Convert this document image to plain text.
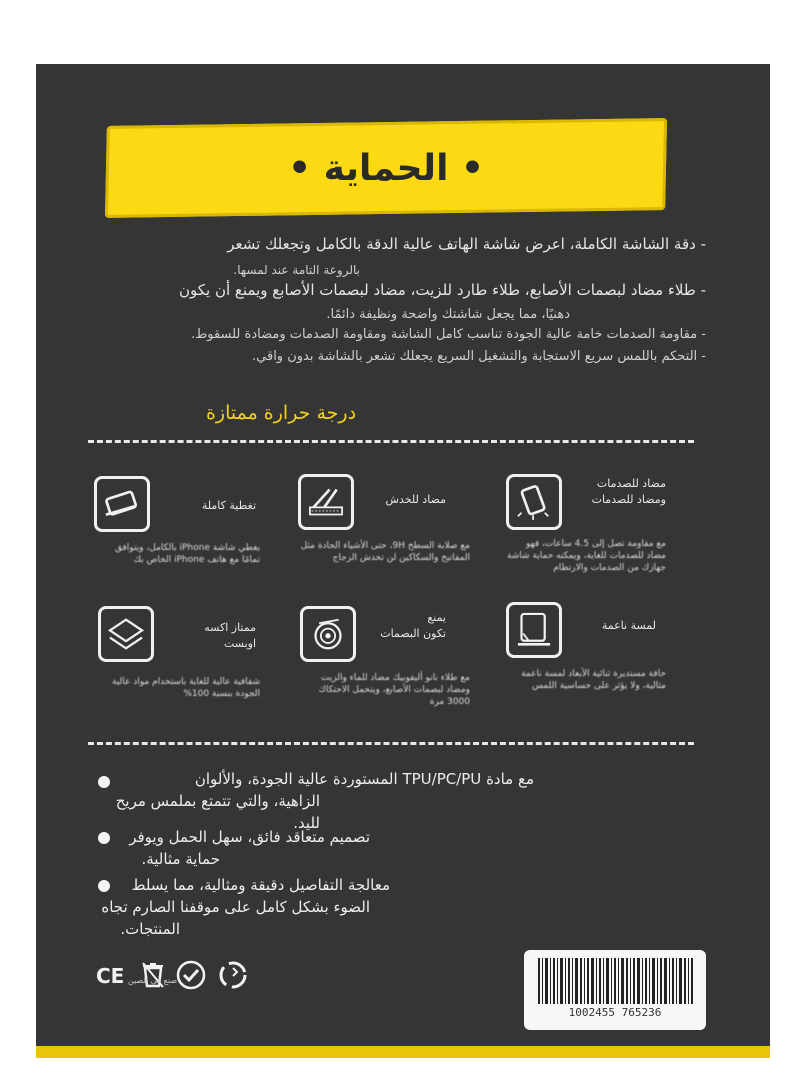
• الحماية •
- دقة الشاشة الكاملة، اعرض شاشة الهاتف عالية الدقة بالكامل وتجعلك تشعر
بالروعة التامة عند لمسها.
- طلاء مضاد لبصمات الأصابع، طلاء طارد للزيت، مضاد لبصمات الأصابع ويمنع أن يكون
دهنيًا، مما يجعل شاشتك واضحة ونظيفة دائمًا.
- مقاومة الصدمات خامة عالية الجودة تناسب كامل الشاشة ومقاومة الصدمات ومضادة للسقوط.
- التحكم باللمس سريع الاستجابة والتشغيل السريع يجعلك تشعر بالشاشة بدون واقي.
درجة حرارة ممتازة
تغطية كاملة
يغطي شاشة iPhone بالكامل، ويتوافق تمامًا مع هاتف iPhone الخاص بك
مضاد للخدش
مع صلابة السطح 9H، حتى الأشياء الحادة مثل المفاتيح والسكاكين لن تخدش الزجاج
مضاد للصدمات
ومضاد للصدمات
مع مقاومة تصل إلى 4.5 ساعات، فهو مضاد للصدمات للغاية، ويمكنه حماية شاشة جهازك من الصدمات والارتطام
ممتاز اكسه
اوبست
شفافية عالية للغاية باستخدام مواد عالية الجودة بنسبة 100%
يمنع
تكون البصمات
مع طلاء نانو أليفوبيك مضاد للماء والزيت ومضاد لبصمات الأصابع، ويتحمل الاحتكاك 3000 مرة
لمسة ناعمة
حافة مستديرة ثنائية الأبعاد لمسة ناعمة مثالية، ولا يؤثر على حساسية اللمس
مع مادة TPU/PC/PU المستوردة عالية الجودة، والألوان
الزاهية، والتي تتمتع بملمس مريح لليد.
تصميم متعاقد فائق، سهل الحمل ويوفر
حماية مثالية.
معالجة التفاصيل دقيقة ومثالية، مما يسلط
الضوء بشكل كامل على موقفنا الصارم تجاه
المنتجات.
CE صنع في الصين
1002455 765236
